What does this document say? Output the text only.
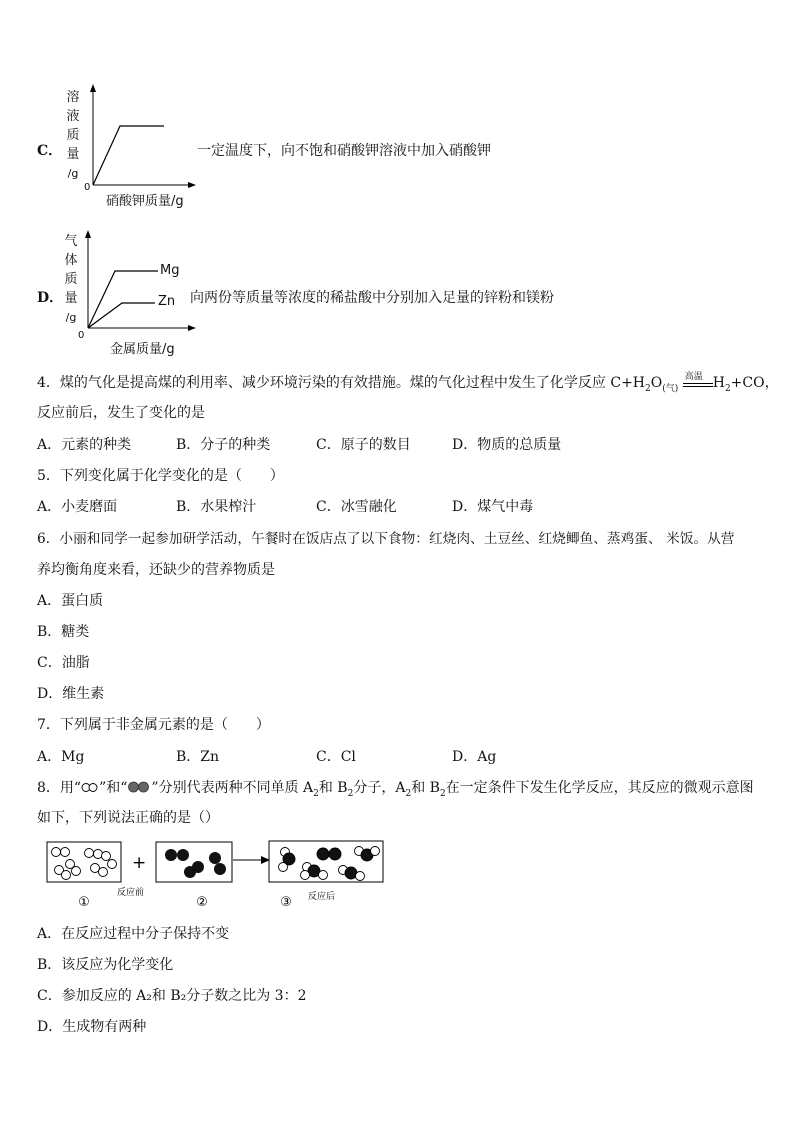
C．
溶
液
质
量
/g
0
硝酸钾质量/g
一定温度下，向不饱和硝酸钾溶液中加入硝酸钾
D．
气
体
质
量
/g
Mg
Zn
0
金属质量/g
向两份等质量等浓度的稀盐酸中分别加入足量的锌粉和镁粉
4．煤的气化是提高煤的利用率、减少环境污染的有效措施。煤的气化过程中发生了化学反应 $C+H_2O_{(气)}$
高温 $H_2+CO$，
反应前后，发生了变化的是
A．元素的种类	B．分子的种类	C．原子的数目	D．物质的总质量
5．下列变化属于化学变化的是（　　）
A．小麦磨面	B．水果榨汁	C．冰雪融化	D．煤气中毒
6．小丽和同学一起参加研学活动，午餐时在饭店点了以下食物：红烧肉、土豆丝、红烧鲫鱼、蒸鸡蛋、 米饭。从营
养均衡角度来看，还缺少的营养物质是
A．蛋白质
B．糖类
C．油脂
D．维生素
7．下列属于非金属元素的是（　　）
A．Mg	B．Zn	C．Cl	D．Ag
8．用“ ”和“ ”分别代表两种不同单质 $A_2$和 $B_2$分子，$A_2$和 $B_2$在一定条件下发生化学反应，其反应的微观示意图
如下，下列说法正确的是（）
+
①
反应前
②	③ 反应后
A．在反应过程中分子保持不变
B．该反应为化学变化
C．参加反应的 A₂和 B₂分子数之比为 3：2
D．生成物有两种
